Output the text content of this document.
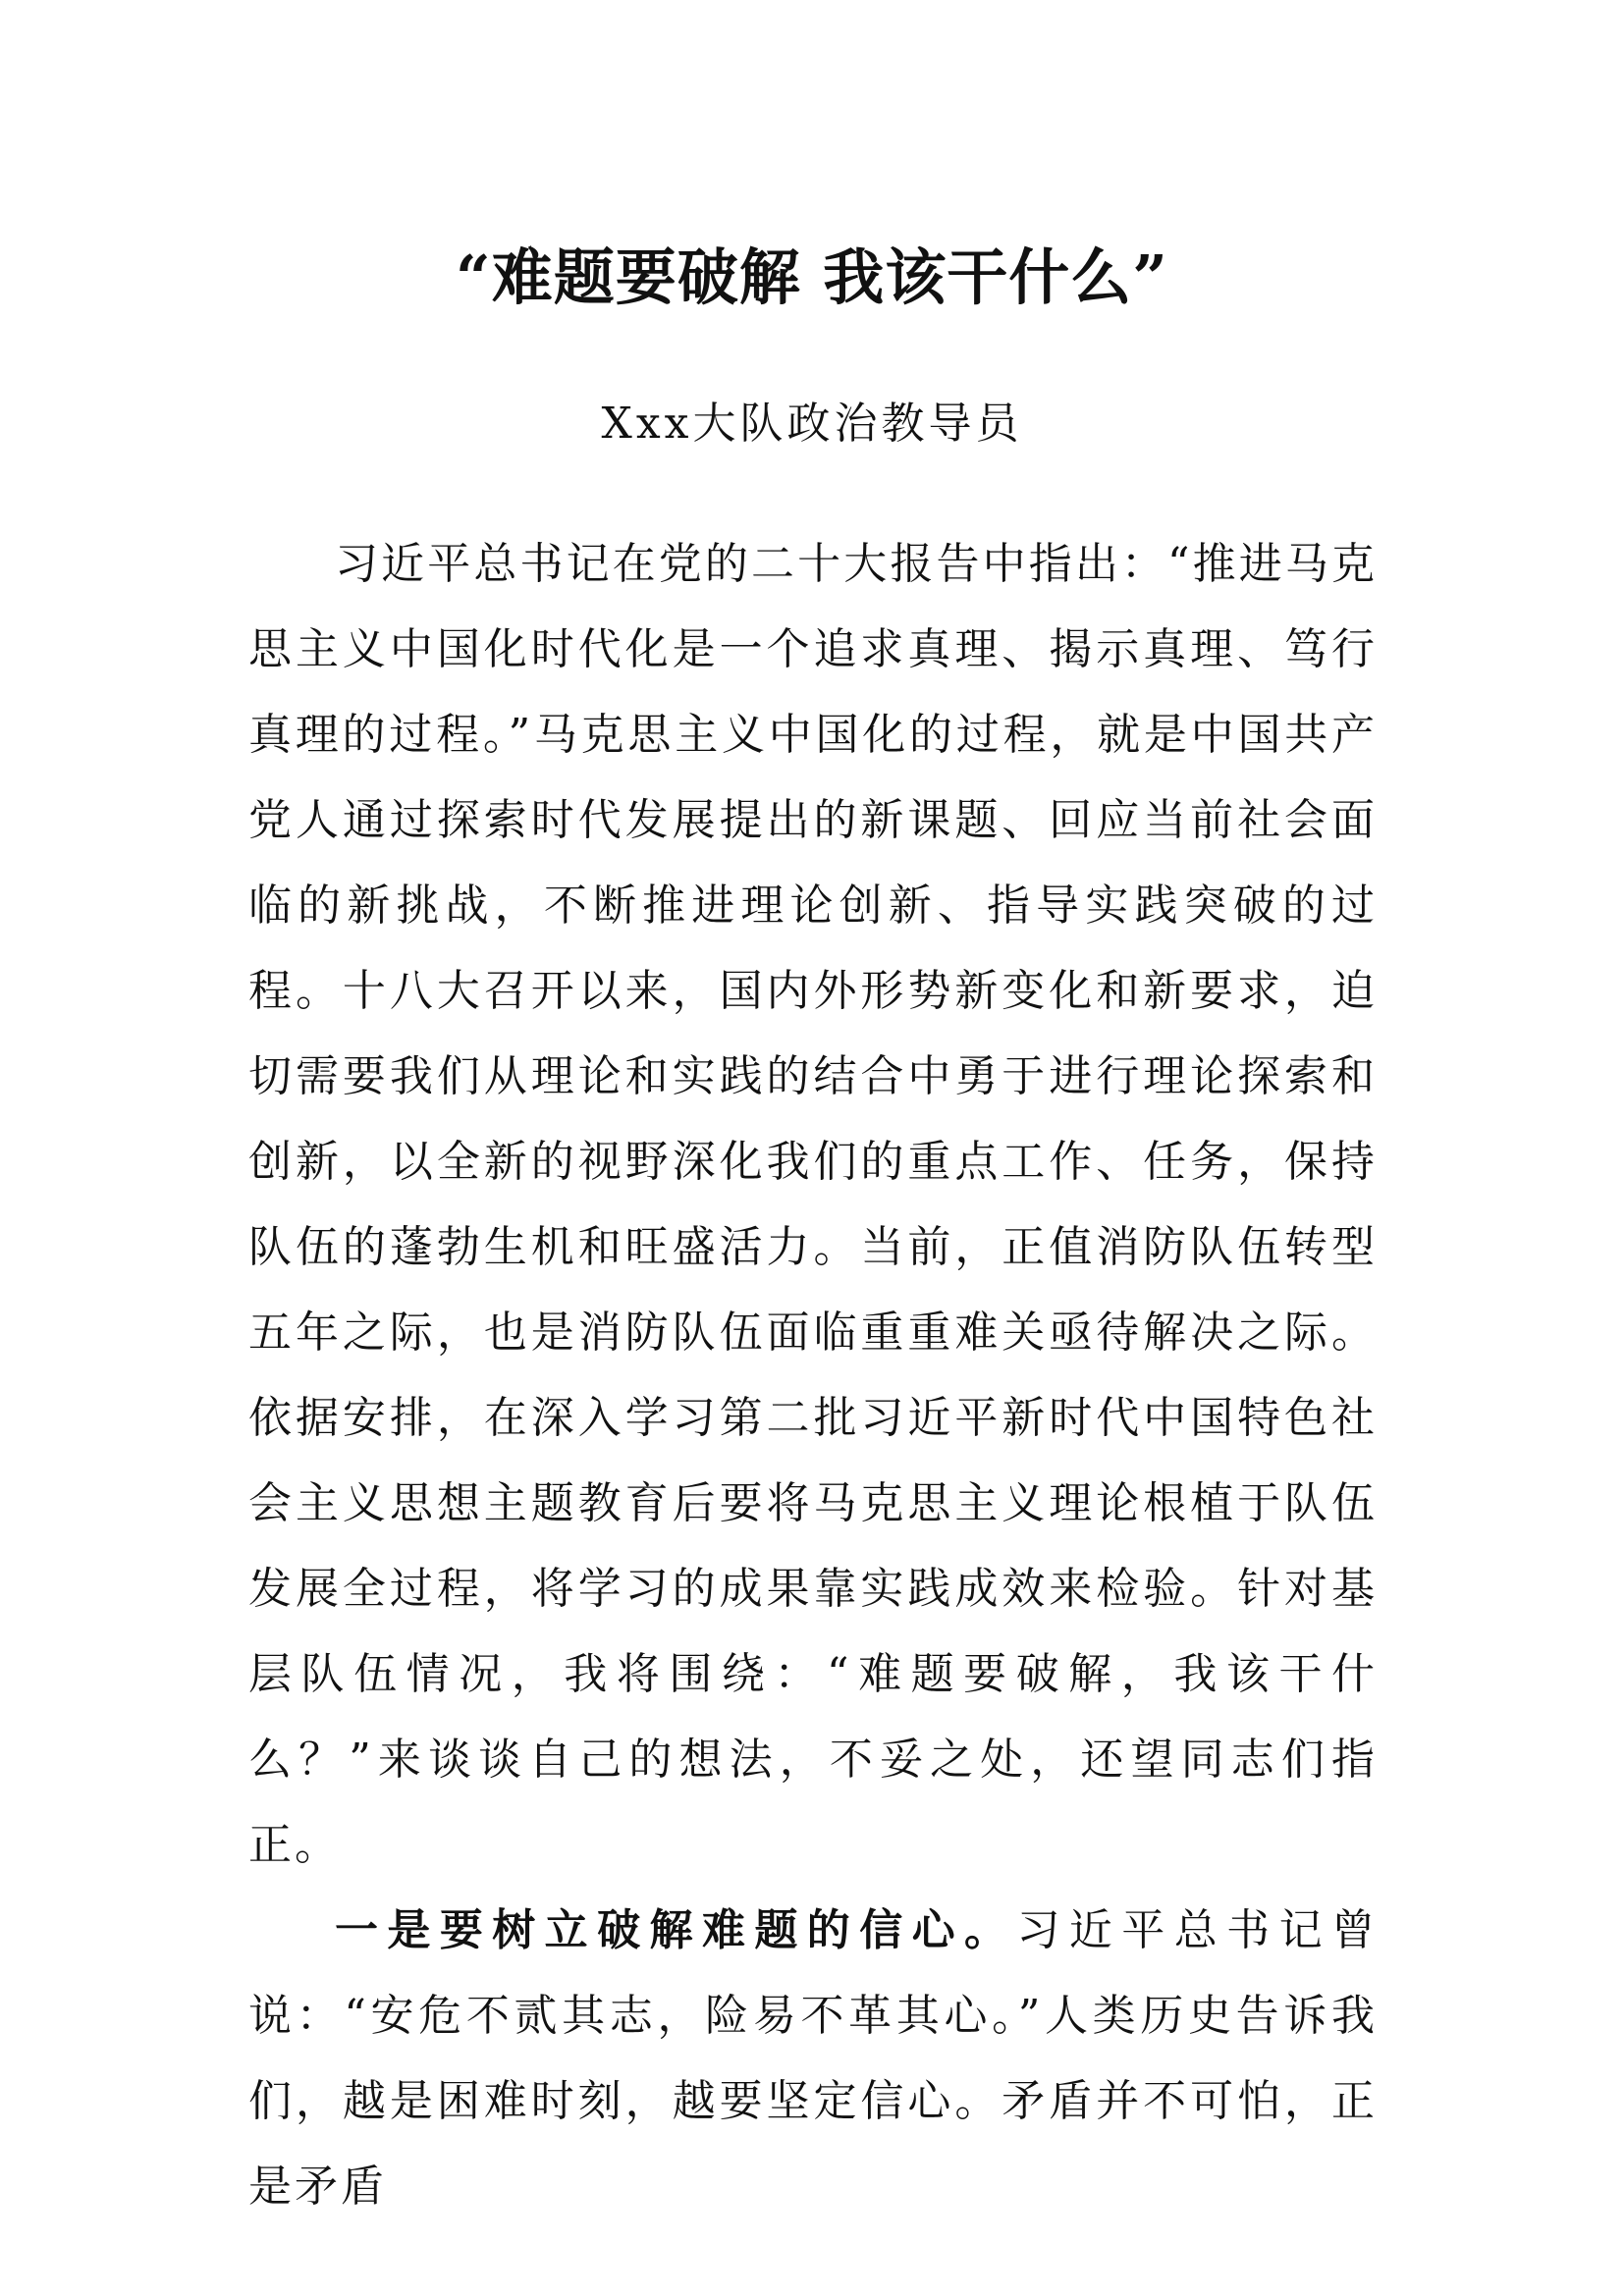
“难题要破解 我该干什么”
Xxx大队政治教导员

习近平总书记在党的二十大报告中指出：“推进马克思主义中国化时代化是一个追求真理、揭示真理、笃行真理的过程。”马克思主义中国化的过程，就是中国共产党人通过探索时代发展提出的新课题、回应当前社会面临的新挑战，不断推进理论创新、指导实践突破的过程。十八大召开以来，国内外形势新变化和新要求，迫切需要我们从理论和实践的结合中勇于进行理论探索和创新，以全新的视野深化我们的重点工作、任务，保持队伍的蓬勃生机和旺盛活力。当前，正值消防队伍转型五年之际，也是消防队伍面临重重难关亟待解决之际。依据安排，在深入学习第二批习近平新时代中国特色社会主义思想主题教育后要将马克思主义理论根植于队伍发展全过程，将学习的成果靠实践成效来检验。针对基层队伍情况，我将围绕：“难题要破解，我该干什么？”来谈谈自己的想法，不妥之处，还望同志们指正。

一是要树立破解难题的信心。习近平总书记曾说：“安危不贰其志，险易不革其心。”人类历史告诉我们，越是困难时刻，越要坚定信心。矛盾并不可怕，正是矛盾
